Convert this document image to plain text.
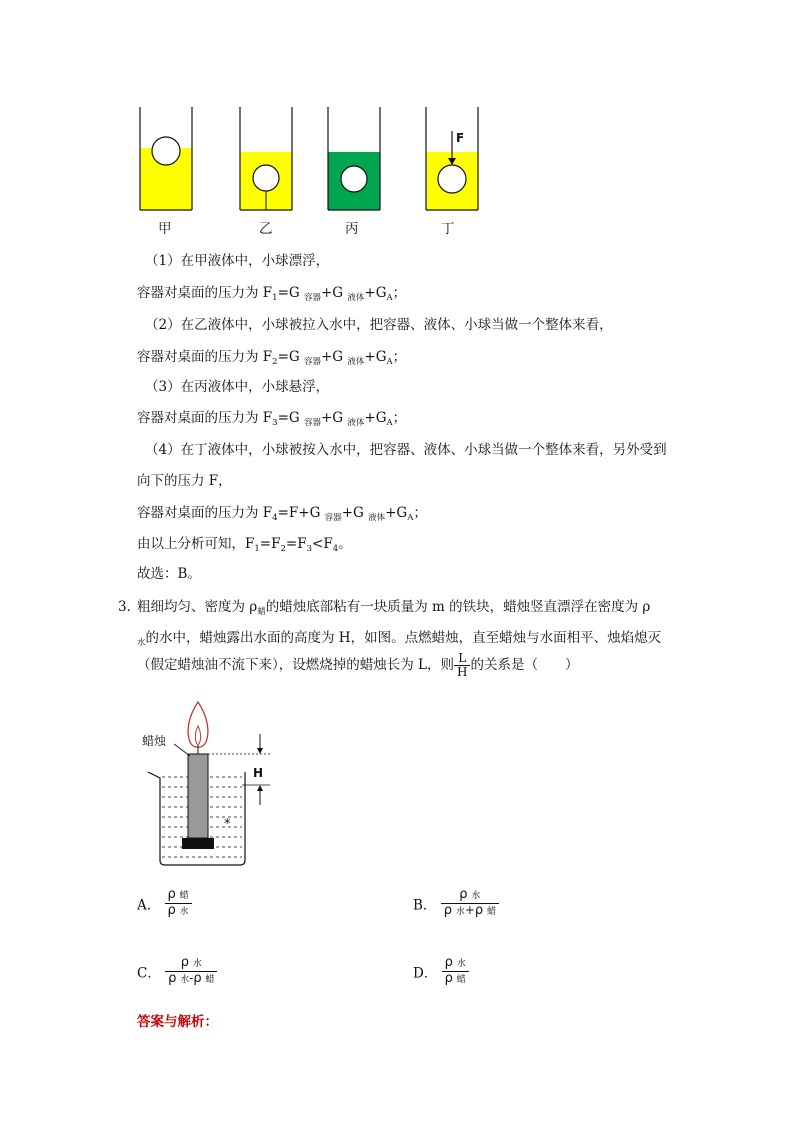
F
甲	乙	丙	丁
（1）在甲液体中，小球漂浮，
容器对桌面的压力为 $F_1=G$ $_{容器}$+G $_{液体}+G_A$；
（2）在乙液体中，小球被拉入水中，把容器、液体、小球当做一个整体来看，
容器对桌面的压力为 $F_2=G$ $_{容器}$+G $_{液体}+G_A$；
（3）在丙液体中，小球悬浮，
容器对桌面的压力为 $F_3=G$ $_{容器}$+G $_{液体}+G_A$；
（4）在丁液体中，小球被按入水中，把容器、液体、小球当做一个整体来看，另外受到
向下的压力 F，
容器对桌面的压力为 $F_4=F+G$ $_{容器}$+G $_{液体}+G_A$；
由以上分析可知，$F_1=F_2=F_3<F_4$。
故选：B。
3．
粗细均匀、密度为 $\rho_蜡$的蜡烛底部粘有一块质量为 m 的铁块，蜡烛竖直漂浮在密度为 ρ
$_水$的水中，蜡烛露出水面的高度为 H，如图。点燃蜡烛，直至蜡烛与水面相平、烛焰熄灭
（假定蜡烛油不流下来），设燃烧掉的蜡烛长为 L，则 $\frac{L}{H}$ 的关系是（　　）
*
蜡烛
H
A． $\frac{\text{ρ 蜡}}{\text{ρ 水}}$	B． $\frac{\text{ρ 水}}{\text{ρ 水+ρ 蜡}}$
C． $\frac{\text{ρ 水}}{\text{ρ 水-ρ 蜡}}$	D． $\frac{\text{ρ 水}}{\text{ρ 蜡}}$
答案与解析：
